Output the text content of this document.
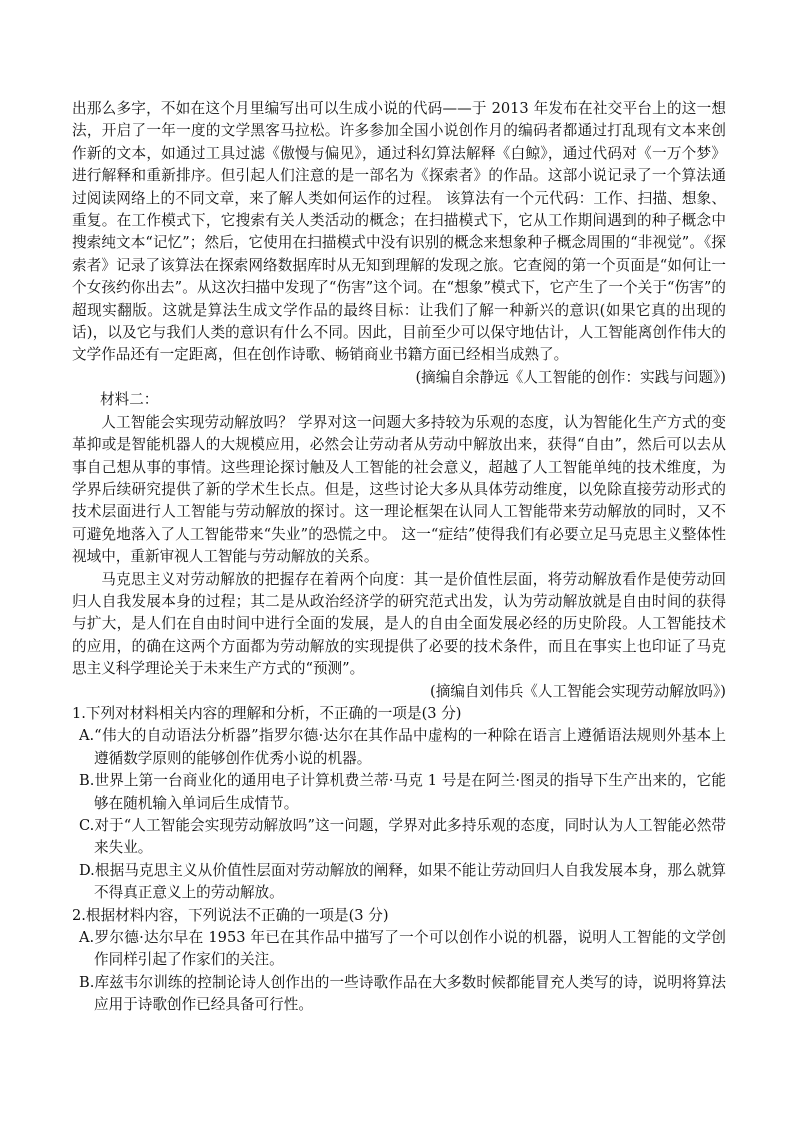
出那么多字，不如在这个月里编写出可以生成小说的代码——于 2013 年发布在社交平台上的这一想法，开启了一年一度的文学黑客马拉松。许多参加全国小说创作月的编码者都通过打乱现有文本来创作新的文本，如通过工具过滤《傲慢与偏见》，通过科幻算法解释《白鲸》，通过代码对《一万个梦》进行解释和重新排序。但引起人们注意的是一部名为《探索者》的作品。这部小说记录了一个算法通过阅读网络上的不同文章，来了解人类如何运作的过程。 该算法有一个元代码：工作、扫描、想象、重复。在工作模式下，它搜索有关人类活动的概念；在扫描模式下，它从工作期间遇到的种子概念中搜索纯文本“记忆”；然后，它使用在扫描模式中没有识别的概念来想象种子概念周围的“非视觉”。《探索者》记录了该算法在探索网络数据库时从无知到理解的发现之旅。它查阅的第一个页面是“如何让一个女孩约你出去”。从这次扫描中发现了“伤害”这个词。在“想象”模式下，它产生了一个关于“伤害”的超现实翻版。这就是算法生成文学作品的最终目标：让我们了解一种新兴的意识(如果它真的出现的话)，以及它与我们人类的意识有什么不同。因此，目前至少可以保守地估计，人工智能离创作伟大的文学作品还有一定距离，但在创作诗歌、畅销商业书籍方面已经相当成熟了。

(摘编自余静远《人工智能的创作：实践与问题》)

材料二：

人工智能会实现劳动解放吗？ 学界对这一问题大多持较为乐观的态度，认为智能化生产方式的变革抑或是智能机器人的大规模应用，必然会让劳动者从劳动中解放出来，获得“自由”，然后可以去从事自己想从事的事情。这些理论探讨触及人工智能的社会意义，超越了人工智能单纯的技术维度，为学界后续研究提供了新的学术生长点。但是，这些讨论大多从具体劳动维度，以免除直接劳动形式的技术层面进行人工智能与劳动解放的探讨。这一理论框架在认同人工智能带来劳动解放的同时，又不可避免地落入了人工智能带来“失业”的恐慌之中。 这一“症结”使得我们有必要立足马克思主义整体性视域中，重新审视人工智能与劳动解放的关系。

马克思主义对劳动解放的把握存在着两个向度：其一是价值性层面，将劳动解放看作是使劳动回归人自我发展本身的过程；其二是从政治经济学的研究范式出发，认为劳动解放就是自由时间的获得与扩大，是人们在自由时间中进行全面的发展，是人的自由全面发展必经的历史阶段。人工智能技术的应用，的确在这两个方面都为劳动解放的实现提供了必要的技术条件，而且在事实上也印证了马克思主义科学理论关于未来生产方式的“预测”。

(摘编自刘伟兵《人工智能会实现劳动解放吗》)

1.下列对材料相关内容的理解和分析，不正确的一项是(3 分)

A.“伟大的自动语法分析器”指罗尔德·达尔在其作品中虚构的一种除在语言上遵循语法规则外基本上遵循数学原则的能够创作优秀小说的机器。

B.世界上第一台商业化的通用电子计算机费兰蒂·马克 1 号是在阿兰·图灵的指导下生产出来的，它能够在随机输入单词后生成情节。

C.对于“人工智能会实现劳动解放吗”这一问题，学界对此多持乐观的态度，同时认为人工智能必然带来失业。

D.根据马克思主义从价值性层面对劳动解放的阐释，如果不能让劳动回归人自我发展本身，那么就算不得真正意义上的劳动解放。

2.根据材料内容，下列说法不正确的一项是(3 分)

A.罗尔德·达尔早在 1953 年已在其作品中描写了一个可以创作小说的机器，说明人工智能的文学创作同样引起了作家们的关注。

B.库兹韦尔训练的控制论诗人创作出的一些诗歌作品在大多数时候都能冒充人类写的诗，说明将算法应用于诗歌创作已经具备可行性。
